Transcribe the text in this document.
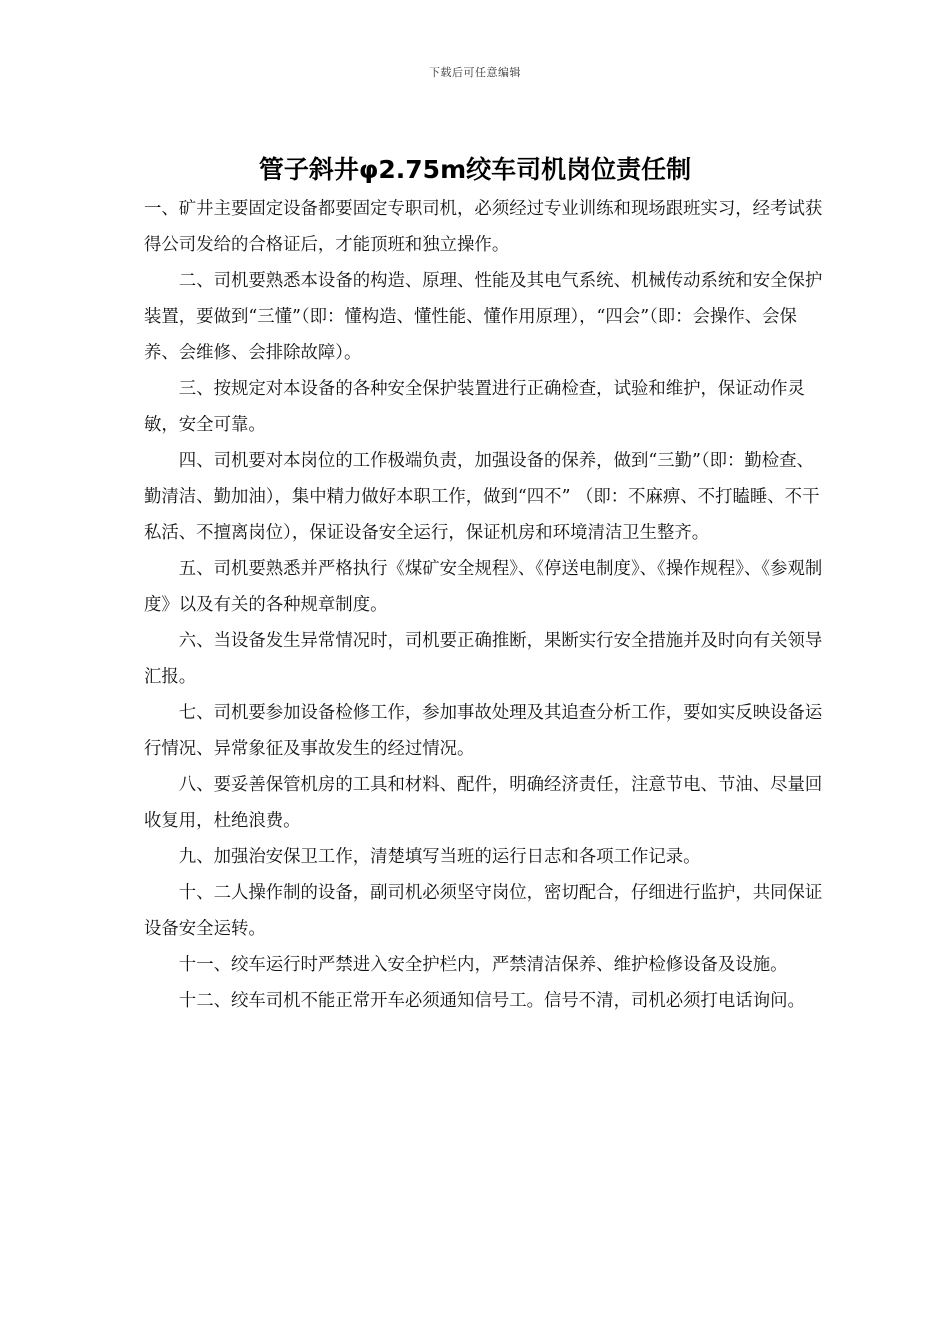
下载后可任意编辑
管子斜井φ2.75m绞车司机岗位责任制

一、矿井主要固定设备都要固定专职司机，必须经过专业训练和现场跟班实习，经考试获得公司发给的合格证后，才能顶班和独立操作。

二、司机要熟悉本设备的构造、原理、性能及其电气系统、机械传动系统和安全保护装置，要做到“三懂”（即：懂构造、懂性能、懂作用原理），“四会”（即：会操作、会保养、会维修、会排除故障）。

三、按规定对本设备的各种安全保护装置进行正确检查，试验和维护，保证动作灵敏，安全可靠。

四、司机要对本岗位的工作极端负责，加强设备的保养，做到“三勤”（即：勤检查、勤清洁、勤加油），集中精力做好本职工作，做到“四不” （即：不麻痹、不打瞌睡、不干私活、不擅离岗位），保证设备安全运行，保证机房和环境清洁卫生整齐。

五、司机要熟悉并严格执行《煤矿安全规程》、《停送电制度》、《操作规程》、《参观制度》以及有关的各种规章制度。

六、当设备发生异常情况时，司机要正确推断，果断实行安全措施并及时向有关领导汇报。

七、司机要参加设备检修工作，参加事故处理及其追查分析工作，要如实反映设备运行情况、异常象征及事故发生的经过情况。

八、要妥善保管机房的工具和材料、配件，明确经济责任，注意节电、节油、尽量回收复用，杜绝浪费。

九、加强治安保卫工作，清楚填写当班的运行日志和各项工作记录。

十、二人操作制的设备，副司机必须坚守岗位，密切配合，仔细进行监护，共同保证设备安全运转。

十一、绞车运行时严禁进入安全护栏内，严禁清洁保养、维护检修设备及设施。

十二、绞车司机不能正常开车必须通知信号工。信号不清，司机必须打电话询问。
